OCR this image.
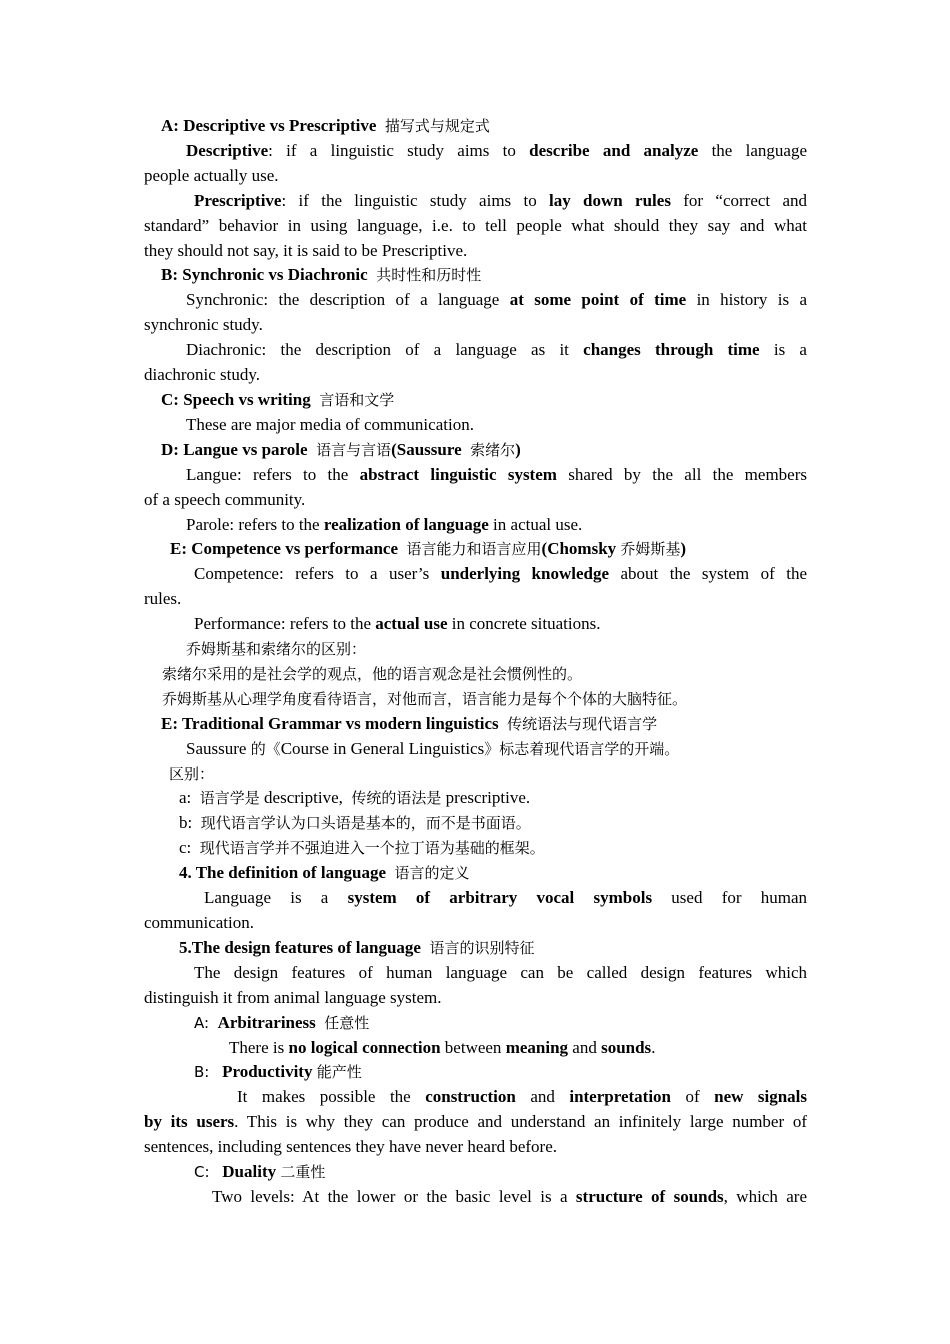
A: Descriptive vs Prescriptive 描写式与规定式
Descriptive: if a linguistic study aims to describe and analyze the language
people actually use.
Prescriptive: if the linguistic study aims to lay down rules for “correct and
standard” behavior in using language, i.e. to tell people what should they say and what
they should not say, it is said to be Prescriptive.
B: Synchronic vs Diachronic 共时性和历时性
Synchronic: the description of a language at some point of time in history is a
synchronic study.
Diachronic: the description of a language as it changes through time is a
diachronic study.
C: Speech vs writing 言语和文学
These are major media of communication.
D: Langue vs parole 语言与言语(Saussure 索绪尔)
Langue: refers to the abstract linguistic system shared by the all the members
of a speech community.
Parole: refers to the realization of language in actual use.
E: Competence vs performance 语言能力和语言应用(Chomsky 乔姆斯基)
Competence: refers to a user’s underlying knowledge about the system of the
rules.
Performance: refers to the actual use in concrete situations.
乔姆斯基和索绪尔的区别：
索绪尔采用的是社会学的观点，他的语言观念是社会惯例性的。
乔姆斯基从心理学角度看待语言，对他而言，语言能力是每个个体的大脑特征。
E: Traditional Grammar vs modern linguistics 传统语法与现代语言学
Saussure 的《Course in General Linguistics》标志着现代语言学的开端。
区别：
a: 语言学是 descriptive, 传统的语法是 prescriptive.
b: 现代语言学认为口头语是基本的，而不是书面语。
c: 现代语言学并不强迫进入一个拉丁语为基础的框架。
4. The definition of language 语言的定义
Language is a system of arbitrary vocal symbols used for human
communication.
5.The design features of language 语言的识别特征
The design features of human language can be called design features which
distinguish it from animal language system.
A: Arbitrariness 任意性
There is no logical connection between meaning and sounds.
B: Productivity 能产性
It makes possible the construction and interpretation of new signals
by its users. This is why they can produce and understand an infinitely large number of
sentences, including sentences they have never heard before.
C: Duality 二重性
Two levels: At the lower or the basic level is a structure of sounds, which are
